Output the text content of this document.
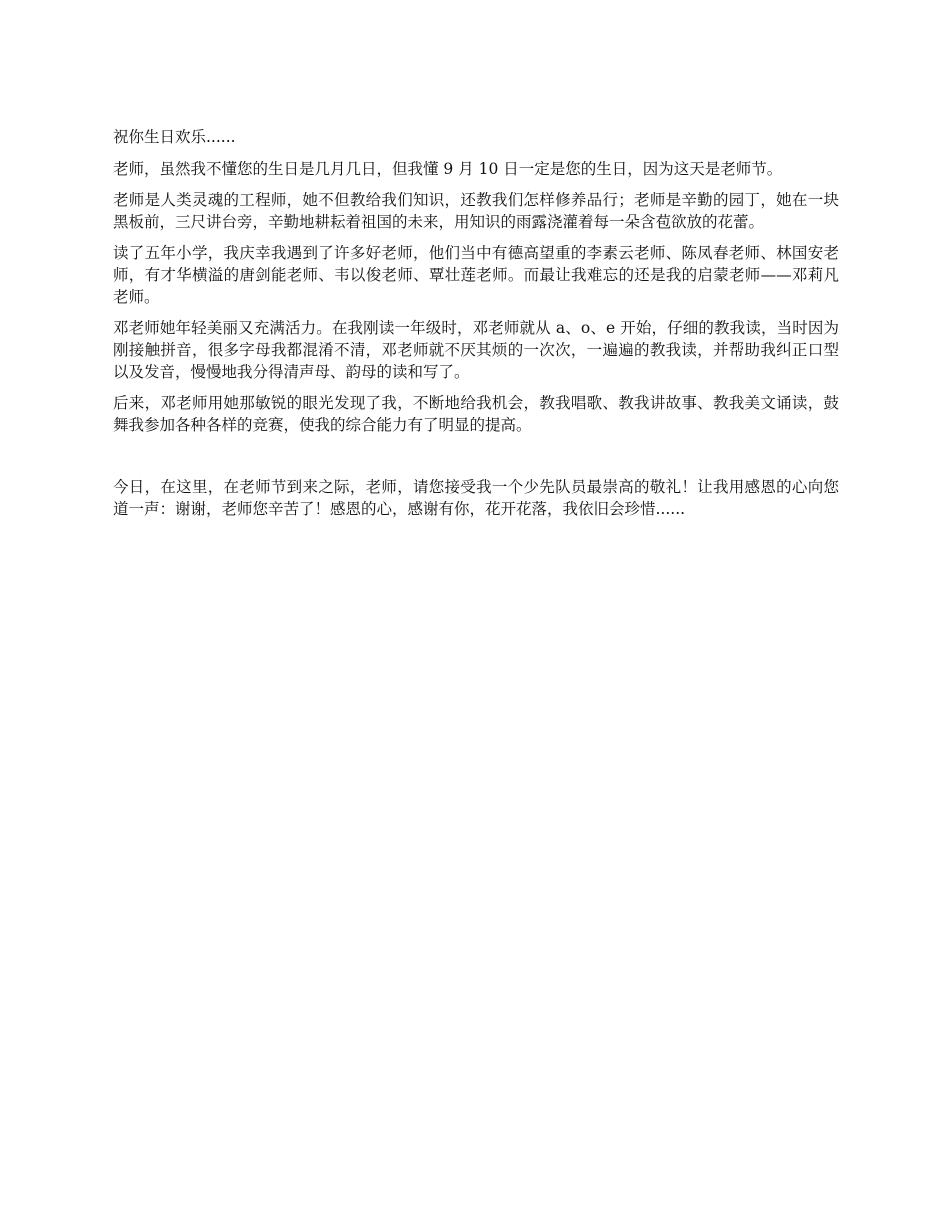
祝你生日欢乐......

老师，虽然我不懂您的生日是几月几日，但我懂 9 月 10 日一定是您的生日，因为这天是老师节。

老师是人类灵魂的工程师，她不但教给我们知识，还教我们怎样修养品行；老师是辛勤的园丁，她在一块黑板前，三尺讲台旁，辛勤地耕耘着祖国的未来，用知识的雨露浇灌着每一朵含苞欲放的花蕾。

读了五年小学，我庆幸我遇到了许多好老师，他们当中有德高望重的李素云老师、陈凤春老师、林国安老师，有才华横溢的唐剑能老师、韦以俊老师、覃壮莲老师。而最让我难忘的还是我的启蒙老师——邓莉凡老师。

邓老师她年轻美丽又充满活力。在我刚读一年级时，邓老师就从 a、o、e 开始，仔细的教我读，当时因为刚接触拼音，很多字母我都混淆不清，邓老师就不厌其烦的一次次，一遍遍的教我读，并帮助我纠正口型以及发音，慢慢地我分得清声母、韵母的读和写了。

后来，邓老师用她那敏锐的眼光发现了我，不断地给我机会，教我唱歌、教我讲故事、教我美文诵读，鼓舞我参加各种各样的竞赛，使我的综合能力有了明显的提高。

今日，在这里，在老师节到来之际，老师，请您接受我一个少先队员最崇高的敬礼！让我用感恩的心向您道一声：谢谢，老师您辛苦了！感恩的心，感谢有你，花开花落，我依旧会珍惜......
